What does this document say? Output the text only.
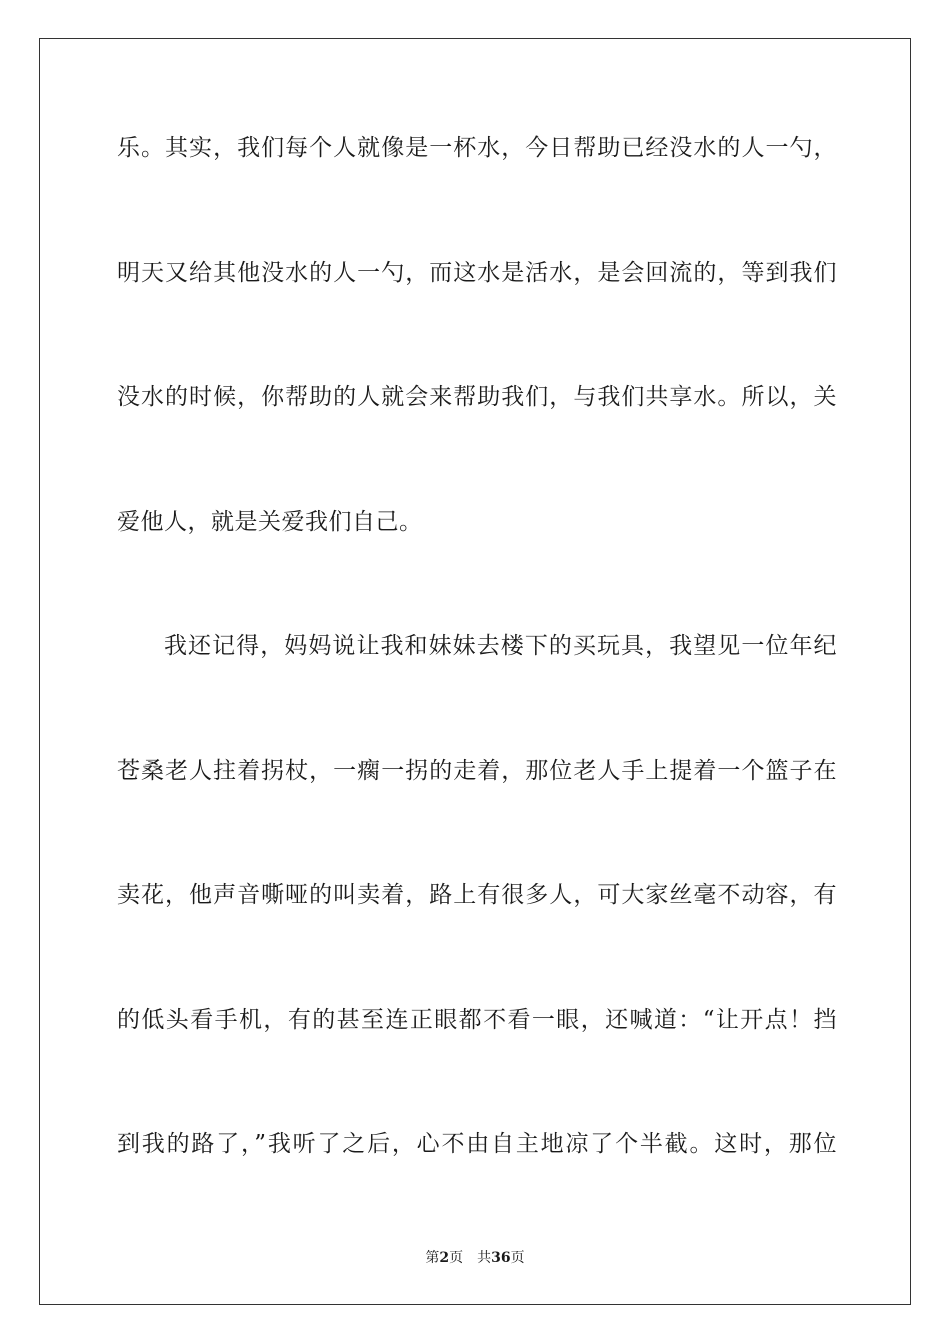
乐。其实，我们每个人就像是一杯水，今日帮助已经没水的人一勺，
明天又给其他没水的人一勺，而这水是活水，是会回流的，等到我们
没水的时候，你帮助的人就会来帮助我们，与我们共享水。所以，关
爱他人，就是关爱我们自己。
我还记得，妈妈说让我和妹妹去楼下的买玩具，我望见一位年纪
苍桑老人拄着拐杖，一瘸一拐的走着，那位老人手上提着一个篮子在
卖花，他声音嘶哑的叫卖着，路上有很多人，可大家丝毫不动容，有
的低头看手机，有的甚至连正眼都不看一眼，还喊道：“让开点！挡
到我的路了，”我听了之后，心不由自主地凉了个半截。这时，那位
第2页 共36页
